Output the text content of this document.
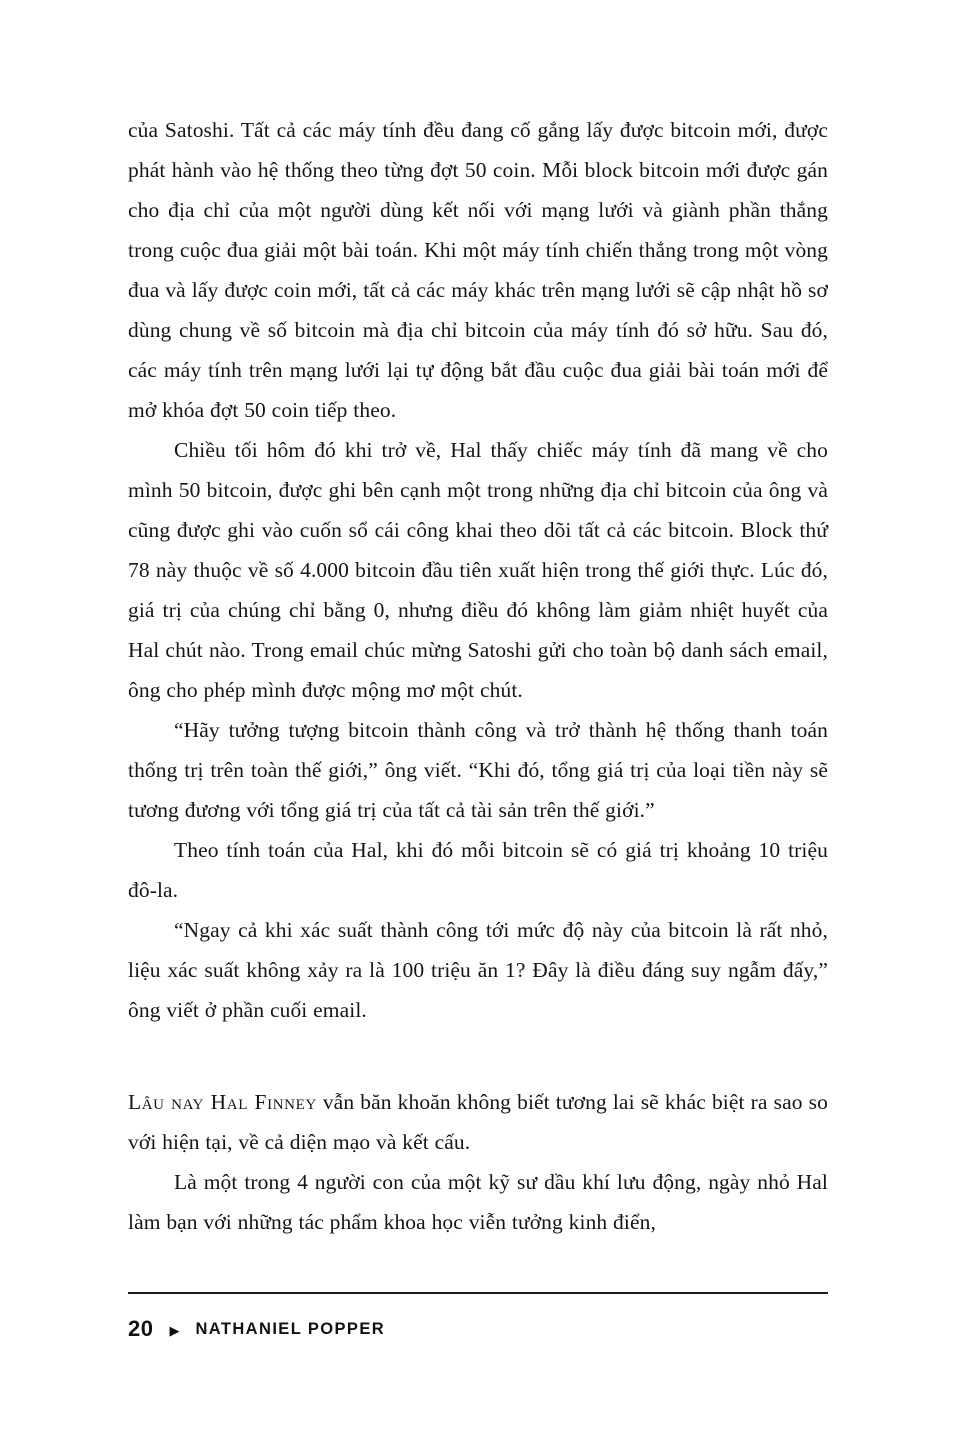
của Satoshi. Tất cả các máy tính đều đang cố gắng lấy được bitcoin mới, được phát hành vào hệ thống theo từng đợt 50 coin. Mỗi block bitcoin mới được gán cho địa chỉ của một người dùng kết nối với mạng lưới và giành phần thắng trong cuộc đua giải một bài toán. Khi một máy tính chiến thắng trong một vòng đua và lấy được coin mới, tất cả các máy khác trên mạng lưới sẽ cập nhật hồ sơ dùng chung về số bitcoin mà địa chỉ bitcoin của máy tính đó sở hữu. Sau đó, các máy tính trên mạng lưới lại tự động bắt đầu cuộc đua giải bài toán mới để mở khóa đợt 50 coin tiếp theo.

Chiều tối hôm đó khi trở về, Hal thấy chiếc máy tính đã mang về cho mình 50 bitcoin, được ghi bên cạnh một trong những địa chỉ bitcoin của ông và cũng được ghi vào cuốn sổ cái công khai theo dõi tất cả các bitcoin. Block thứ 78 này thuộc về số 4.000 bitcoin đầu tiên xuất hiện trong thế giới thực. Lúc đó, giá trị của chúng chỉ bằng 0, nhưng điều đó không làm giảm nhiệt huyết của Hal chút nào. Trong email chúc mừng Satoshi gửi cho toàn bộ danh sách email, ông cho phép mình được mộng mơ một chút.

“Hãy tưởng tượng bitcoin thành công và trở thành hệ thống thanh toán thống trị trên toàn thế giới,” ông viết. “Khi đó, tổng giá trị của loại tiền này sẽ tương đương với tổng giá trị của tất cả tài sản trên thế giới.”

Theo tính toán của Hal, khi đó mỗi bitcoin sẽ có giá trị khoảng 10 triệu đô-la.

“Ngay cả khi xác suất thành công tới mức độ này của bitcoin là rất nhỏ, liệu xác suất không xảy ra là 100 triệu ăn 1? Đây là điều đáng suy ngẫm đấy,” ông viết ở phần cuối email.

Lâu nay Hal Finney vẫn băn khoăn không biết tương lai sẽ khác biệt ra sao so với hiện tại, về cả diện mạo và kết cấu.

Là một trong 4 người con của một kỹ sư dầu khí lưu động, ngày nhỏ Hal làm bạn với những tác phẩm khoa học viễn tưởng kinh điển,

20 ▶ NATHANIEL POPPER
